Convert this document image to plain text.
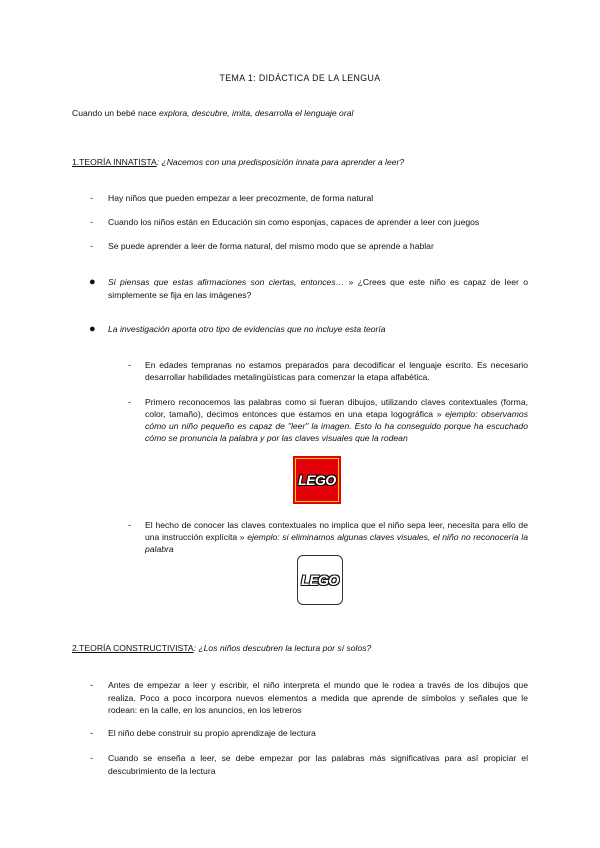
TEMA 1: DIDÁCTICA DE LA LENGUA
Cuando un bebé nace explora, descubre, imita, desarrolla el lenguaje oral
1.TEORÍA INNATISTA: ¿Nacemos con una predisposición innata para aprender a leer?
- Hay niños que pueden empezar a leer precozmente, de forma natural
- Cuando los niños están en Educación sin como esponjas, capaces de aprender a leer con juegos
- Se puede aprender a leer de forma natural, del mismo modo que se aprende a hablar
● Si piensas que estas afirmaciones son ciertas, entonces… » ¿Crees que este niño es capaz de leer o simplemente se fija en las imágenes?
● La investigación aporta otro tipo de evidencias que no incluye esta teoría
- En edades tempranas no estamos preparados para decodificar el lenguaje escrito. Es necesario desarrollar habilidades metalingüísticas para comenzar la etapa alfabética.
- Primero reconocemos las palabras como si fueran dibujos, utilizando claves contextuales (forma, color, tamaño), decimos entonces que estamos en una etapa logográfica » ejemplo: observamos cómo un niño pequeño es capaz de "leer" la imagen. Esto lo ha conseguido porque ha escuchado cómo se pronuncia la palabra y por las claves visuales que la rodean
LEGO
- El hecho de conocer las claves contextuales no implica que el niño sepa leer, necesita para ello de una instrucción explícita » ejemplo: si eliminamos algunas claves visuales, el niño no reconocería la palabra
LEGO
2.TEORÍA CONSTRUCTIVISTA: ¿Los niños descubren la lectura por sí solos?
- Antes de empezar a leer y escribir, el niño interpreta el mundo que le rodea a través de los dibujos que realiza. Poco a poco incorpora nuevos elementos a medida que aprende de símbolos y señales que le rodean: en la calle, en los anuncios, en los letreros
- El niño debe construir su propio aprendizaje de lectura
- Cuando se enseña a leer, se debe empezar por las palabras más significativas para así propiciar el descubrimiento de la lectura
